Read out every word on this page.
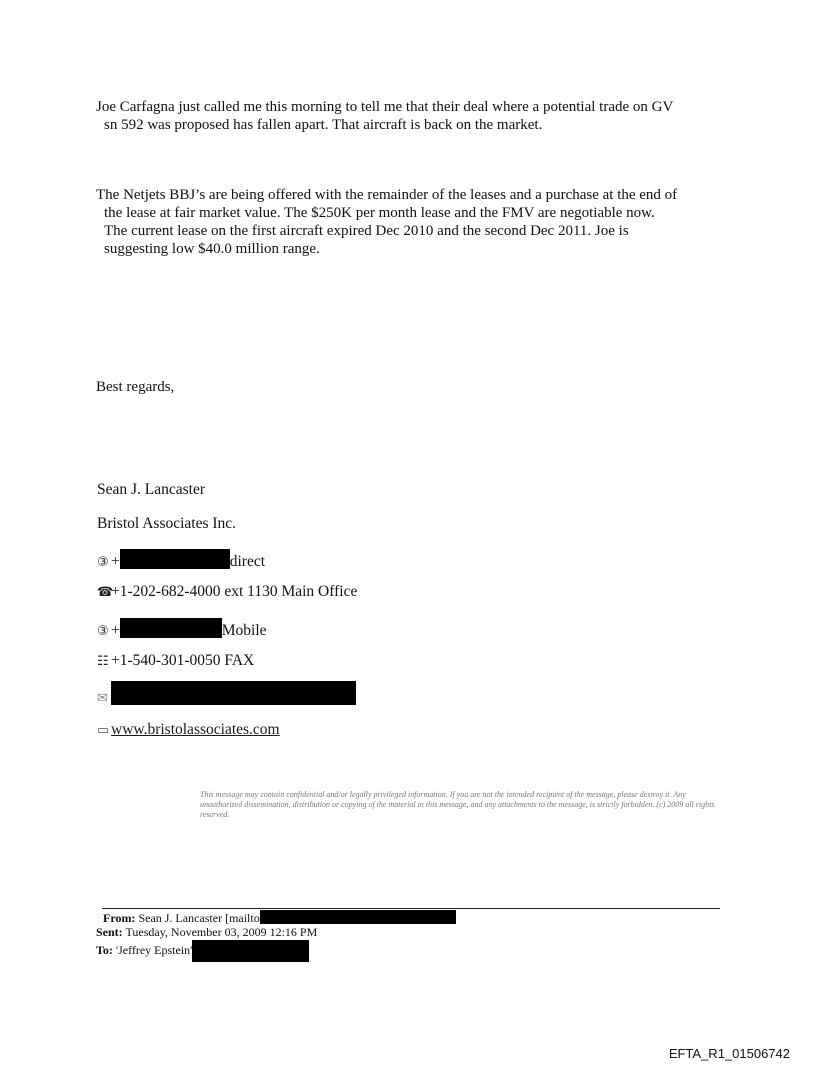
Joe Carfagna just called me this morning to tell me that their deal where a potential trade on GV
sn 592 was proposed has fallen apart. That aircraft is back on the market.
The Netjets BBJ’s are being offered with the remainder of the leases and a purchase at the end of
the lease at fair market value. The $250K per month lease and the FMV are negotiable now.
The current lease on the first aircraft expired Dec 2010 and the second Dec 2011. Joe is
suggesting low $40.0 million range.
Best regards,
Sean J. Lancaster
Bristol Associates Inc.
③ +	direct
☎+1-202-682-4000 ext 1130 Main Office
③ +	Mobile
☷ +1-540-301-0050 FAX
✉
▭ www.bristolassociates.com
This message may contain confidential and/or legally privileged information. If you are not the intended recipient of the message, please destroy it. Any unauthorized dissemination, distribution or copying of the material in this message, and any attachments to the message, is strictly forbidden. (c) 2009 all rights reserved.
From: Sean J. Lancaster [mailto
Sent: Tuesday, November 03, 2009 12:16 PM
To: 'Jeffrey Epstein'
EFTA_R1_01506742
